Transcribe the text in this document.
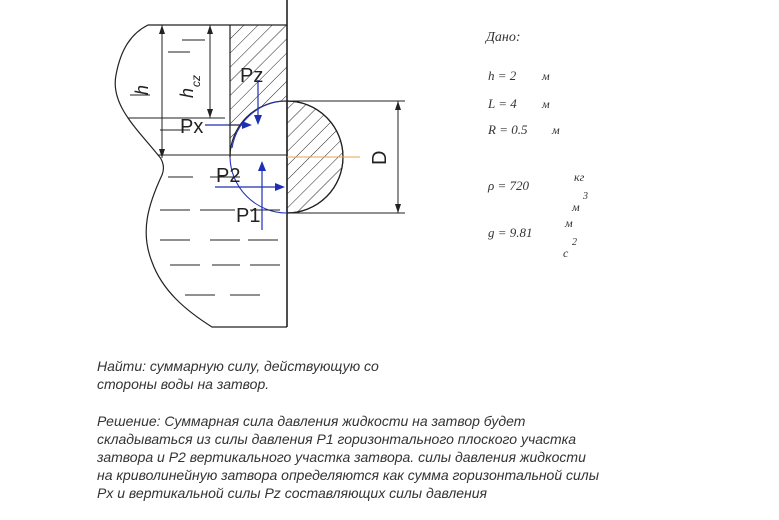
h h
cz Pz
Px
P2
P1
D
Дано:
h = 2 м
L = 4 м
R = 0.5 м
ρ = 720
кг
м
3
g = 9.81
м
с
2
Найти: суммарную силу, действующую со
стороны воды на затвор.
Решение: Суммарная сила давления жидкости на затвор будет
складываться из силы давления P1 горизонтального плоского участка
затвора и P2 вертикального участка затвора. силы давления жидкости
на криволинейную затвора определяются как сумма горизонтальной силы
Px и вертикальной силы Pz составляющих силы давления
